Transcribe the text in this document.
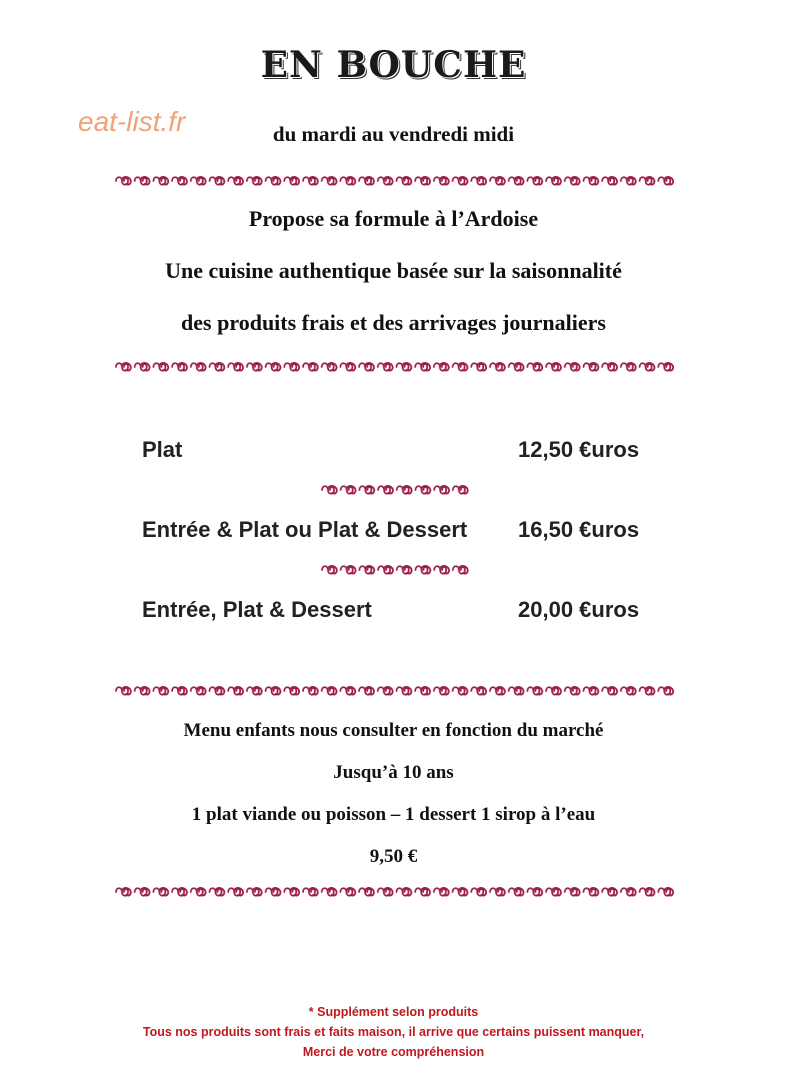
EN BOUCHE
eat-list.fr	du mardi au vendredi midi
Propose sa formule à l’Ardoise
Une cuisine authentique basée sur la saisonnalité
des produits frais et des arrivages journaliers
Plat	12,50 €uros
Entrée & Plat ou Plat & Dessert 16,50 €uros
Entrée, Plat & Dessert	20,00 €uros
Menu enfants nous consulter en fonction du marché
Jusqu’à 10 ans
1 plat viande ou poisson – 1 dessert 1 sirop à l’eau
9,50 €
* Supplément selon produits
Tous nos produits sont frais et faits maison, il arrive que certains puissent manquer,
Merci de votre compréhension
